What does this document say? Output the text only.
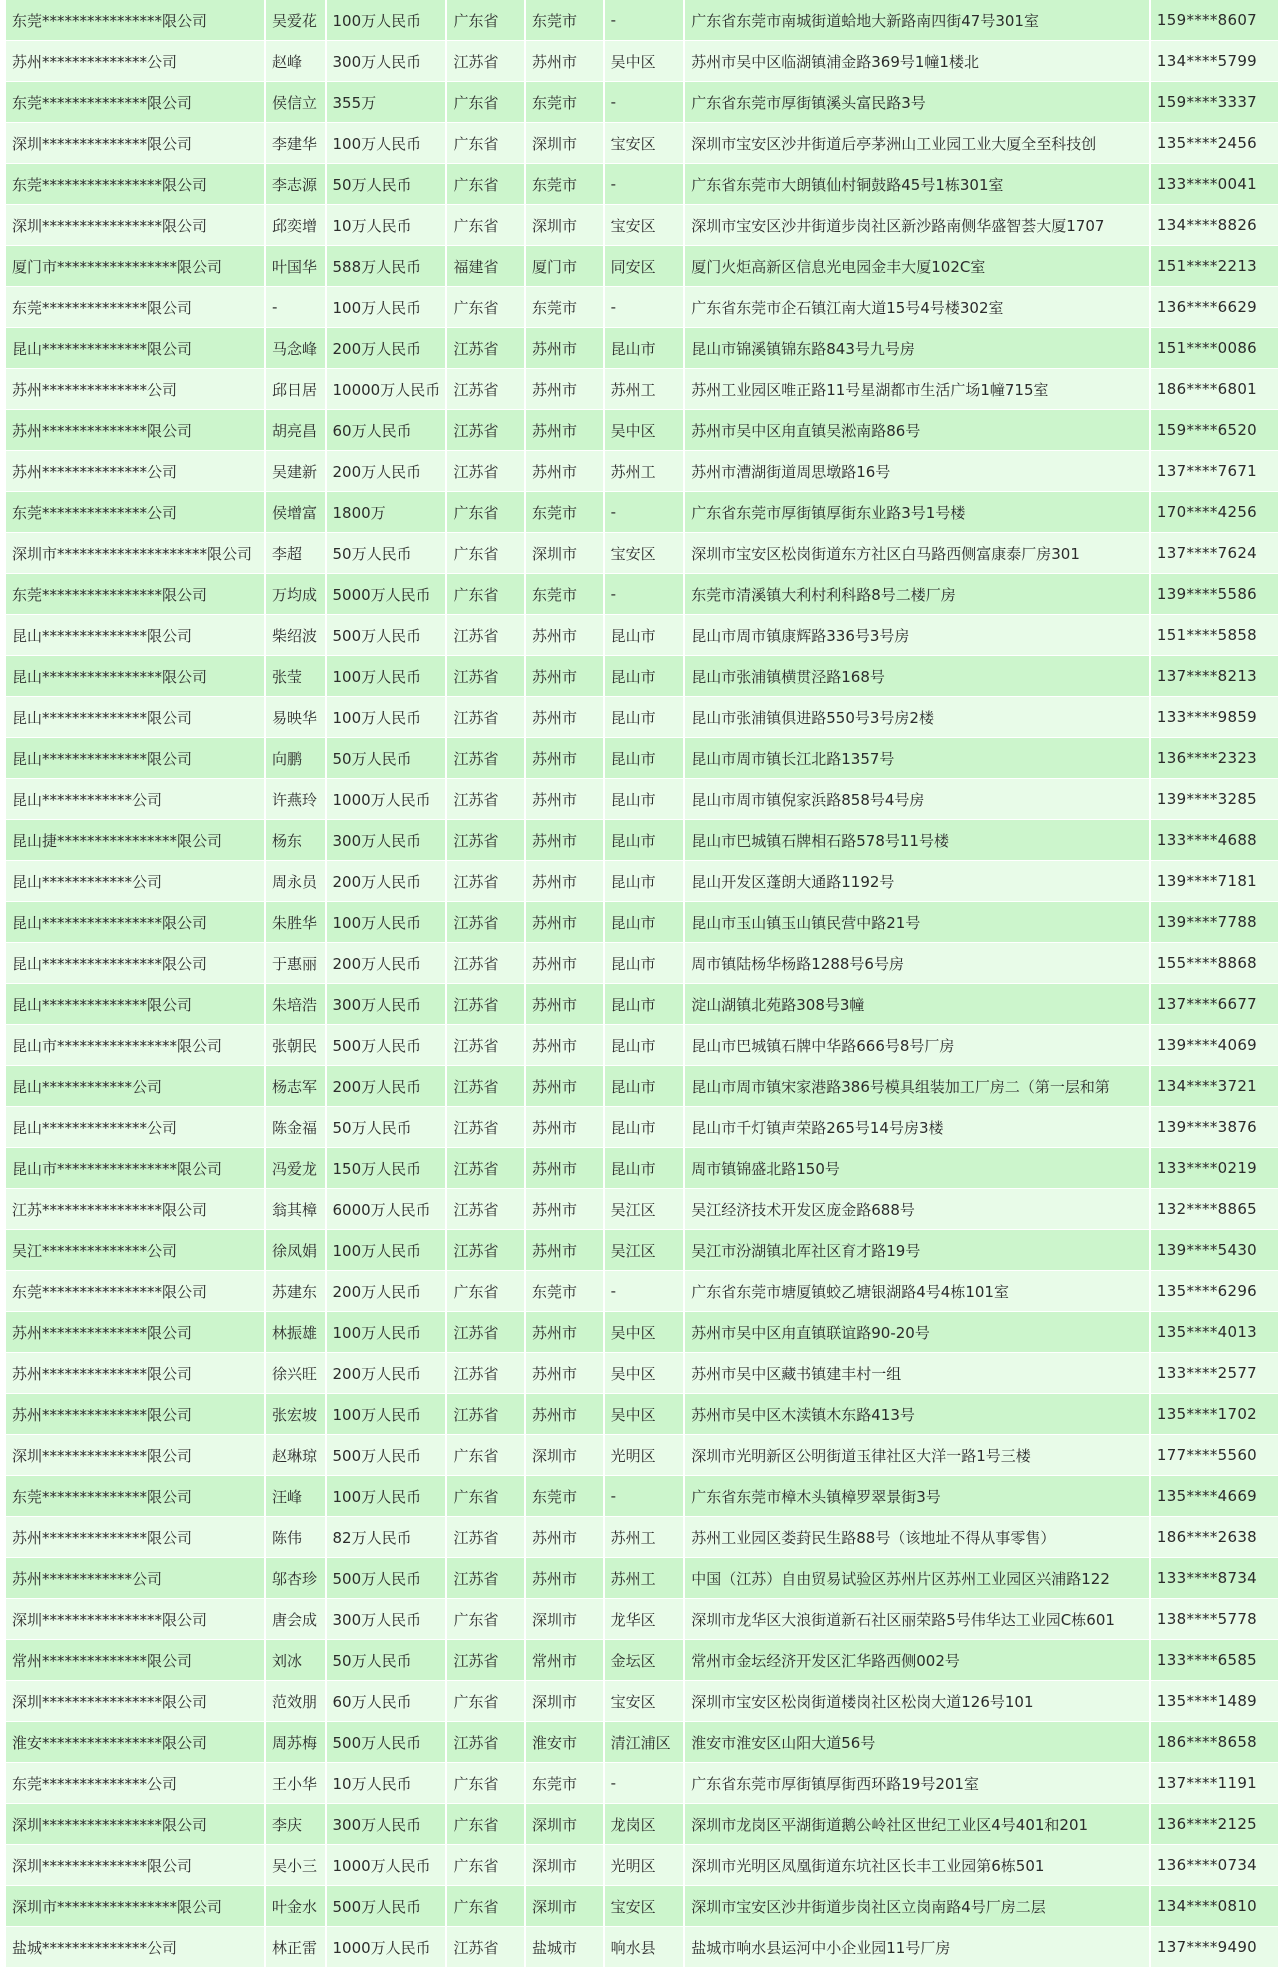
东莞****************限公司	吴爱花	100万人民币	广东省	东莞市	-	广东省东莞市南城街道蛤地大新路南四街47号301室	159****8607
苏州**************公司	赵峰	300万人民币	江苏省	苏州市	吴中区	苏州市吴中区临湖镇浦金路369号1幢1楼北	134****5799
东莞**************限公司	侯信立	355万	广东省	东莞市	-	广东省东莞市厚街镇溪头富民路3号	159****3337
深圳**************限公司	李建华	100万人民币	广东省	深圳市	宝安区	深圳市宝安区沙井街道后亭茅洲山工业园工业大厦全至科技创	135****2456
东莞****************限公司	李志源	50万人民币	广东省	东莞市	-	广东省东莞市大朗镇仙村铜鼓路45号1栋301室	133****0041
深圳****************限公司	邱奕增	10万人民币	广东省	深圳市	宝安区	深圳市宝安区沙井街道步岗社区新沙路南侧华盛智荟大厦1707	134****8826
厦门市****************限公司	叶国华	588万人民币	福建省	厦门市	同安区	厦门火炬高新区信息光电园金丰大厦102C室	151****2213
东莞**************限公司	-	100万人民币	广东省	东莞市	-	广东省东莞市企石镇江南大道15号4号楼302室	136****6629
昆山**************限公司	马念峰	200万人民币	江苏省	苏州市	昆山市	昆山市锦溪镇锦东路843号九号房	151****0086
苏州**************公司	邱日居	10000万人民币	江苏省	苏州市	苏州工	苏州工业园区唯正路11号星湖都市生活广场1幢715室	186****6801
苏州**************限公司	胡亮昌	60万人民币	江苏省	苏州市	吴中区	苏州市吴中区甪直镇吴淞南路86号	159****6520
苏州**************公司	吴建新	200万人民币	江苏省	苏州市	苏州工	苏州市漕湖街道周思墩路16号	137****7671
东莞**************公司	侯增富	1800万	广东省	东莞市	-	广东省东莞市厚街镇厚街东业路3号1号楼	170****4256
深圳市********************限公司	李超	50万人民币	广东省	深圳市	宝安区	深圳市宝安区松岗街道东方社区白马路西侧富康泰厂房301	137****7624
东莞****************限公司	万均成	5000万人民币	广东省	东莞市	-	东莞市清溪镇大利村利科路8号二楼厂房	139****5586
昆山**************限公司	柴绍波	500万人民币	江苏省	苏州市	昆山市	昆山市周市镇康辉路336号3号房	151****5858
昆山****************限公司	张莹	100万人民币	江苏省	苏州市	昆山市	昆山市张浦镇横贯泾路168号	137****8213
昆山**************限公司	易映华	100万人民币	江苏省	苏州市	昆山市	昆山市张浦镇俱进路550号3号房2楼	133****9859
昆山**************限公司	向鹏	50万人民币	江苏省	苏州市	昆山市	昆山市周市镇长江北路1357号	136****2323
昆山************公司	许燕玲	1000万人民币	江苏省	苏州市	昆山市	昆山市周市镇倪家浜路858号4号房	139****3285
昆山捷****************限公司	杨东	300万人民币	江苏省	苏州市	昆山市	昆山市巴城镇石牌相石路578号11号楼	133****4688
昆山************公司	周永员	200万人民币	江苏省	苏州市	昆山市	昆山开发区蓬朗大通路1192号	139****7181
昆山****************限公司	朱胜华	100万人民币	江苏省	苏州市	昆山市	昆山市玉山镇玉山镇民营中路21号	139****7788
昆山****************限公司	于惠丽	200万人民币	江苏省	苏州市	昆山市	周市镇陆杨华杨路1288号6号房	155****8868
昆山**************限公司	朱培浩	300万人民币	江苏省	苏州市	昆山市	淀山湖镇北苑路308号3幢	137****6677
昆山市****************限公司	张朝民	500万人民币	江苏省	苏州市	昆山市	昆山市巴城镇石牌中华路666号8号厂房	139****4069
昆山************公司	杨志军	200万人民币	江苏省	苏州市	昆山市	昆山市周市镇宋家港路386号模具组装加工厂房二（第一层和第	134****3721
昆山**************公司	陈金福	50万人民币	江苏省	苏州市	昆山市	昆山市千灯镇声荣路265号14号房3楼	139****3876
昆山市****************限公司	冯爱龙	150万人民币	江苏省	苏州市	昆山市	周市镇锦盛北路150号	133****0219
江苏****************限公司	翁其樟	6000万人民币	江苏省	苏州市	吴江区	吴江经济技术开发区庞金路688号	132****8865
吴江**************公司	徐凤娟	100万人民币	江苏省	苏州市	吴江区	吴江市汾湖镇北厍社区育才路19号	139****5430
东莞****************限公司	苏建东	200万人民币	广东省	东莞市	-	广东省东莞市塘厦镇蛟乙塘银湖路4号4栋101室	135****6296
苏州**************限公司	林振雄	100万人民币	江苏省	苏州市	吴中区	苏州市吴中区甪直镇联谊路90-20号	135****4013
苏州**************限公司	徐兴旺	200万人民币	江苏省	苏州市	吴中区	苏州市吴中区藏书镇建丰村一组	133****2577
苏州**************限公司	张宏坡	100万人民币	江苏省	苏州市	吴中区	苏州市吴中区木渎镇木东路413号	135****1702
深圳**************限公司	赵琳琼	500万人民币	广东省	深圳市	光明区	深圳市光明新区公明街道玉律社区大洋一路1号三楼	177****5560
东莞**************限公司	汪峰	100万人民币	广东省	东莞市	-	广东省东莞市樟木头镇樟罗翠景街3号	135****4669
苏州**************限公司	陈伟	82万人民币	江苏省	苏州市	苏州工	苏州工业园区娄葑民生路88号（该地址不得从事零售）	186****2638
苏州************公司	邬杏珍	500万人民币	江苏省	苏州市	苏州工	中国（江苏）自由贸易试验区苏州片区苏州工业园区兴浦路122	133****8734
深圳****************限公司	唐会成	300万人民币	广东省	深圳市	龙华区	深圳市龙华区大浪街道新石社区丽荣路5号伟华达工业园C栋601	138****5778
常州**************限公司	刘冰	50万人民币	江苏省	常州市	金坛区	常州市金坛经济开发区汇华路西侧002号	133****6585
深圳****************限公司	范效朋	60万人民币	广东省	深圳市	宝安区	深圳市宝安区松岗街道楼岗社区松岗大道126号101	135****1489
淮安****************限公司	周苏梅	500万人民币	江苏省	淮安市	清江浦区	淮安市淮安区山阳大道56号	186****8658
东莞**************公司	王小华	10万人民币	广东省	东莞市	-	广东省东莞市厚街镇厚街西环路19号201室	137****1191
深圳****************限公司	李庆	300万人民币	广东省	深圳市	龙岗区	深圳市龙岗区平湖街道鹅公岭社区世纪工业区4号401和201	136****2125
深圳**************限公司	吴小三	1000万人民币	广东省	深圳市	光明区	深圳市光明区凤凰街道东坑社区长丰工业园第6栋501	136****0734
深圳市****************限公司	叶金水	500万人民币	广东省	深圳市	宝安区	深圳市宝安区沙井街道步岗社区立岗南路4号厂房二层	134****0810
盐城**************公司	林正雷	1000万人民币	江苏省	盐城市	响水县	盐城市响水县运河中小企业园11号厂房	137****9490
